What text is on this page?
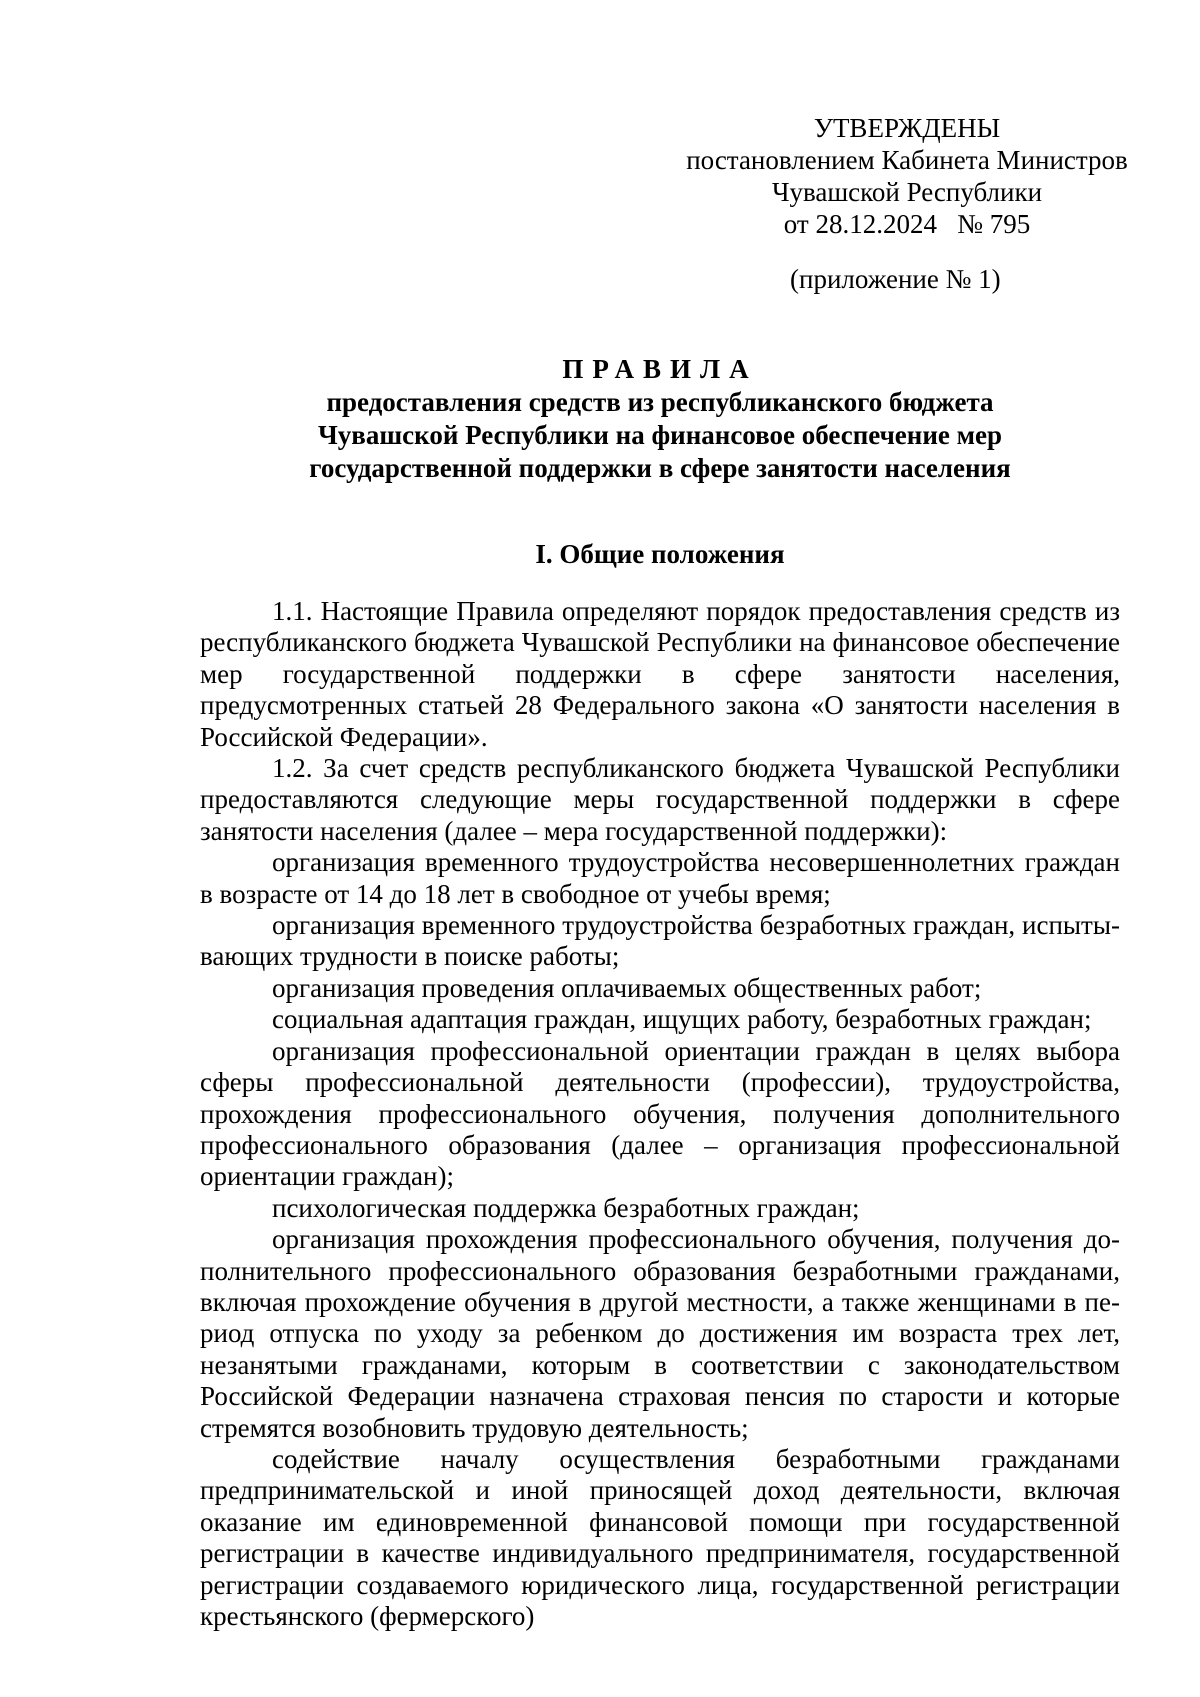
УТВЕРЖДЕНЫ
постановлением Кабинета Министров
Чувашской Республики
от 28.12.2024   № 795
(приложение № 1)
ПРАВИЛА
предоставления средств из республиканского бюджета
Чувашской Республики на финансовое обеспечение мер
государственной поддержки в сфере занятости населения
I. Общие положения

1.1. Настоящие Правила определяют порядок предоставления средств из республиканского бюджета Чувашской Республики на финансовое обеспечение мер государственной поддержки в сфере занятости населения, предусмотренных статьей 28 Федерального закона «О занятости населения в Российской Федерации».

1.2. За счет средств республиканского бюджета Чувашской Республики предоставляются следующие меры государственной поддержки в сфере занятости населения (далее – мера государственной поддержки):

организация временного трудоустройства несовершеннолетних граждан в возрасте от 14 до 18 лет в свободное от учебы время;

организация временного трудоустройства безработных граждан, испытывающих трудности в поиске работы;

организация проведения оплачиваемых общественных работ;

социальная адаптация граждан, ищущих работу, безработных граждан;

организация профессиональной ориентации граждан в целях выбора сферы профессиональной деятельности (профессии), трудоустройства, прохождения профессионального обучения, получения дополнительного профессионального образования (далее – организация профессиональной ориентации граждан);

психологическая поддержка безработных граждан;

организация прохождения профессионального обучения, получения дополнительного профессионального образования безработными гражданами, включая прохождение обучения в другой местности, а также женщинами в период отпуска по уходу за ребенком до достижения им возраста трех лет, незанятыми гражданами, которым в соответствии с законодательством Российской Федерации назначена страховая пенсия по старости и которые стремятся возобновить трудовую деятельность;

содействие началу осуществления безработными гражданами предпринимательской и иной приносящей доход деятельности, включая оказание им единовременной финансовой помощи при государственной регистрации в качестве индивидуального предпринимателя, государственной регистрации создаваемого юридического лица, государственной регистрации крестьянского (фермерского)
